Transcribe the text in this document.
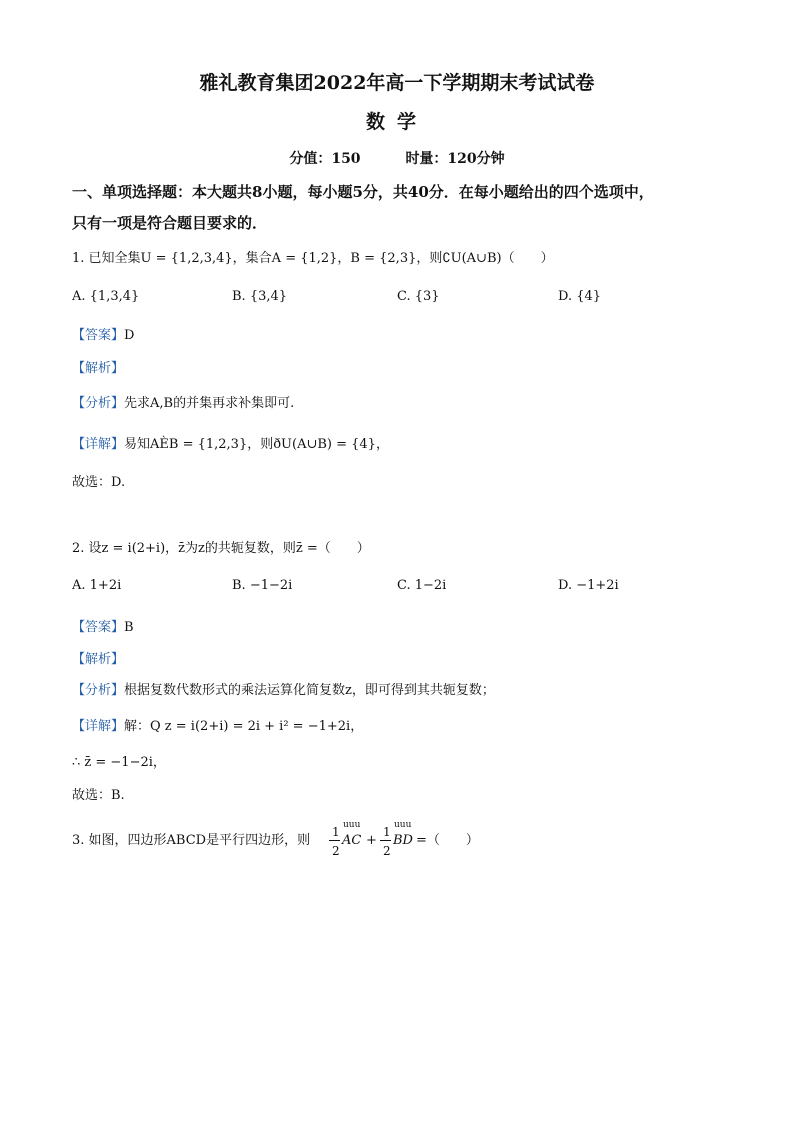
雅礼教育集团2022年高一下学期期末考试试卷
数学
分值：150	时量：120分钟
一、单项选择题：本大题共8小题，每小题5分，共40分．在每小题给出的四个选项中，
只有一项是符合题目要求的．
1. 已知全集U = {1,2,3,4}，集合A = {1,2}，B = {2,3}，则∁U(A∪B)（　　）
A. {1,3,4}	B. {3,4}	C. {3}	D. {4}
【答案】D
【解析】
【分析】先求A,B的并集再求补集即可.
【详解】易知AÈB = {1,2,3}，则ðU(A∪B) = {4}，
故选：D.
2. 设z = i(2+i)，z̄为z的共轭复数，则z̄ =（　　）
A. 1+2i	B. −1−2i	C. 1−2i	D. −1+2i
【答案】B
【解析】
【分析】根据复数代数形式的乘法运算化简复数z，即可得到其共轭复数；
【详解】解：Q z = i(2+i) = 2i + i² = −1+2i，
∴ z̄ = −1−2i，
故选：B.
3. 如图，四边形ABCD是平行四边形，则
1
2
uuu
AC +
1
2
uuu
BD =（　　）
